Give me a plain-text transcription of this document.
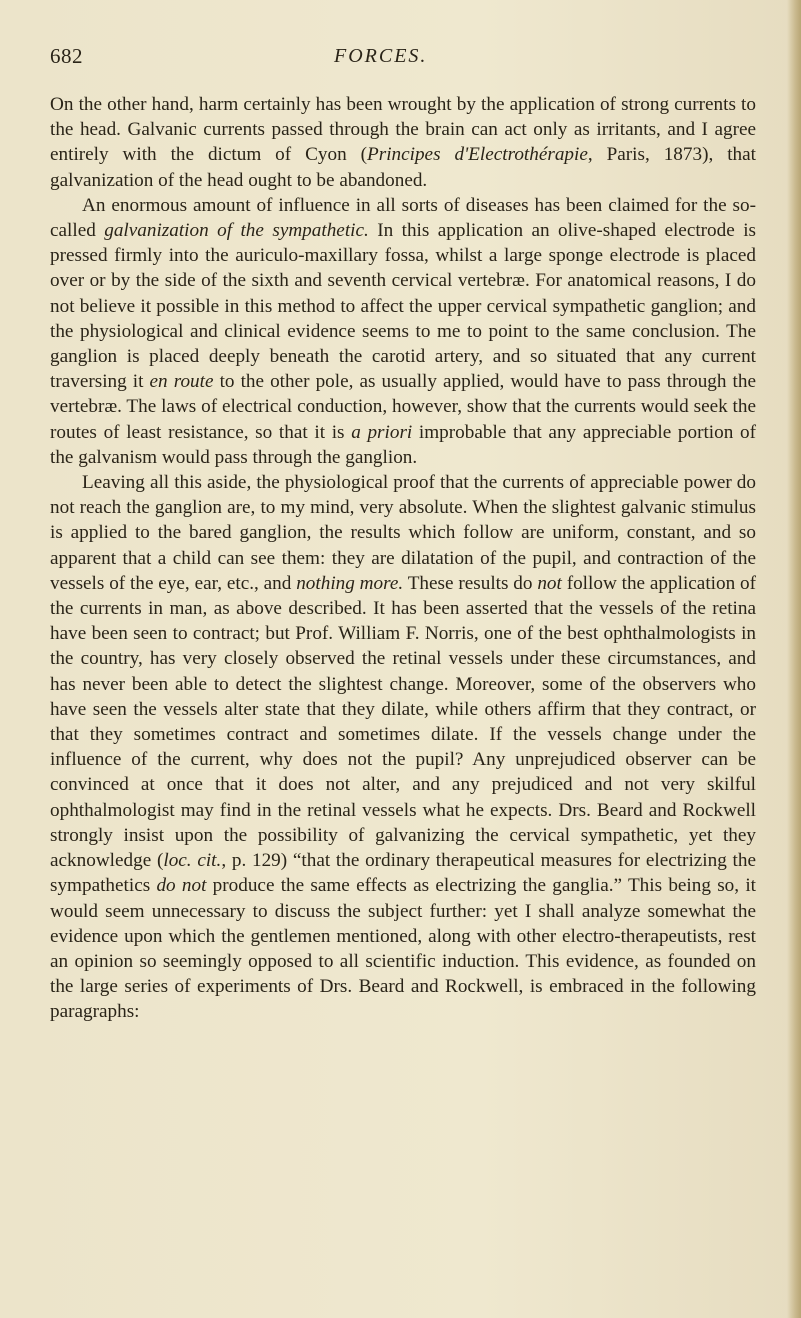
682	FORCES.

On the other hand, harm certainly has been wrought by the application of strong currents to the head. Galvanic currents passed through the brain can act only as irritants, and I agree entirely with the dictum of Cyon (Principes d'Electrothérapie, Paris, 1873), that galvanization of the head ought to be abandoned.

An enormous amount of influence in all sorts of diseases has been claimed for the so-called galvanization of the sympathetic. In this application an olive-shaped electrode is pressed firmly into the auriculo-maxillary fossa, whilst a large sponge electrode is placed over or by the side of the sixth and seventh cervical vertebræ. For anatomical reasons, I do not believe it possible in this method to affect the upper cervical sympathetic ganglion; and the physiological and clinical evidence seems to me to point to the same conclusion. The ganglion is placed deeply beneath the carotid artery, and so situated that any current traversing it en route to the other pole, as usually applied, would have to pass through the vertebræ. The laws of electrical conduction, however, show that the currents would seek the routes of least resistance, so that it is a priori improbable that any appreciable portion of the galvanism would pass through the ganglion.

Leaving all this aside, the physiological proof that the currents of appreciable power do not reach the ganglion are, to my mind, very absolute. When the slightest galvanic stimulus is applied to the bared ganglion, the results which follow are uniform, constant, and so apparent that a child can see them: they are dilatation of the pupil, and contraction of the vessels of the eye, ear, etc., and nothing more. These results do not follow the application of the currents in man, as above described. It has been asserted that the vessels of the retina have been seen to contract; but Prof. William F. Norris, one of the best ophthalmologists in the country, has very closely observed the retinal vessels under these circumstances, and has never been able to detect the slightest change. Moreover, some of the observers who have seen the vessels alter state that they dilate, while others affirm that they contract, or that they sometimes contract and sometimes dilate. If the vessels change under the influence of the current, why does not the pupil? Any unprejudiced observer can be convinced at once that it does not alter, and any prejudiced and not very skilful ophthalmologist may find in the retinal vessels what he expects. Drs. Beard and Rockwell strongly insist upon the possibility of galvanizing the cervical sympathetic, yet they acknowledge (loc. cit., p. 129) “that the ordinary therapeutical measures for electrizing the sympathetics do not produce the same effects as electrizing the ganglia.” This being so, it would seem unnecessary to discuss the subject further: yet I shall analyze somewhat the evidence upon which the gentlemen mentioned, along with other electro-therapeutists, rest an opinion so seemingly opposed to all scientific induction. This evidence, as founded on the large series of experiments of Drs. Beard and Rockwell, is embraced in the following paragraphs:
